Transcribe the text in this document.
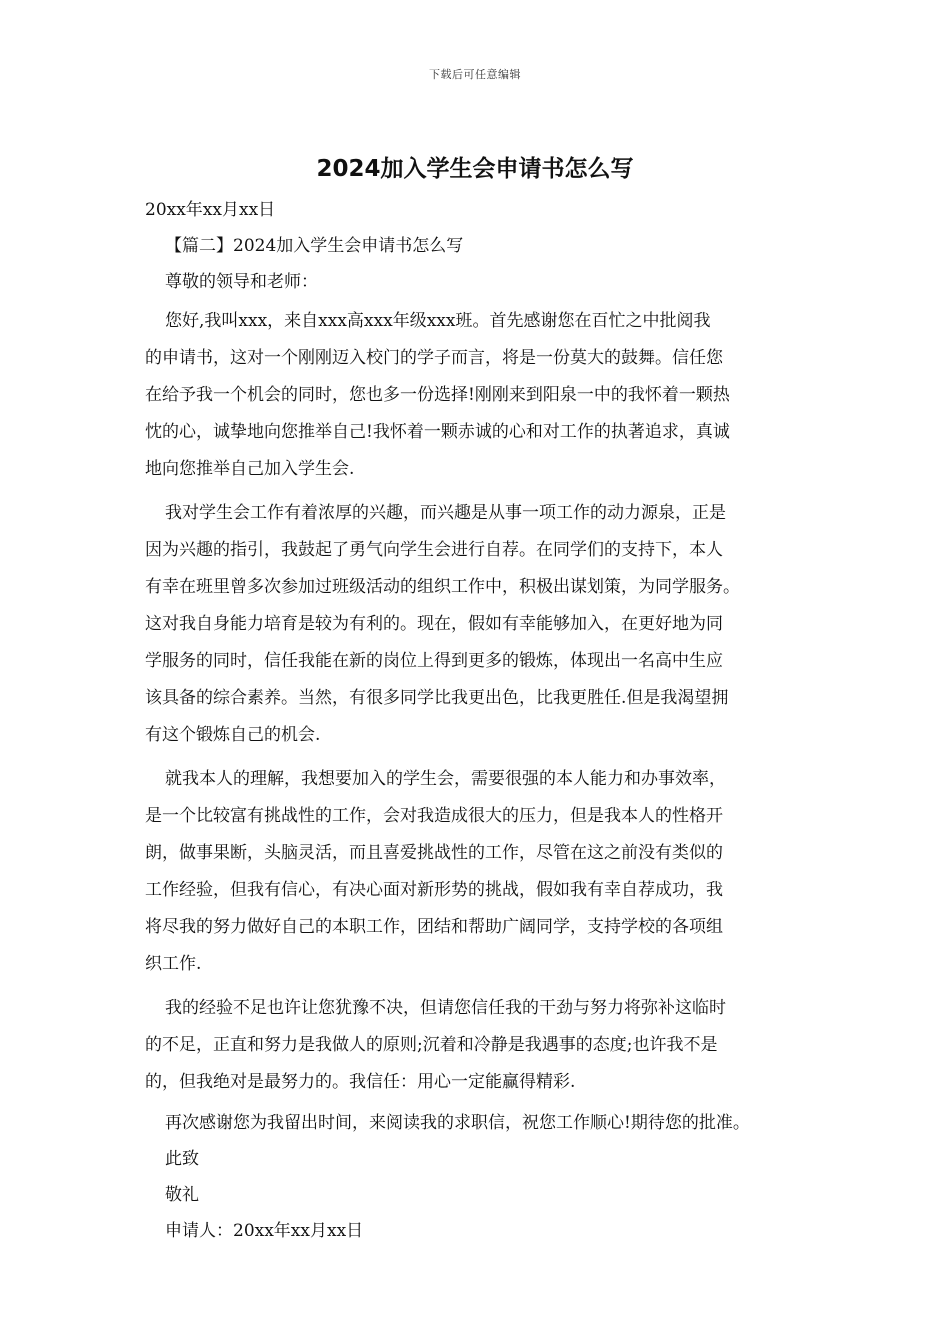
下载后可任意编辑
2024加入学生会申请书怎么写
20xx年xx月xx日
【篇二】2024加入学生会申请书怎么写
尊敬的领导和老师：
您好,我叫xxx，来自xxx高xxx年级xxx班。首先感谢您在百忙之中批阅我
的申请书，这对一个刚刚迈入校门的学子而言，将是一份莫大的鼓舞。信任您
在给予我一个机会的同时，您也多一份选择!刚刚来到阳泉一中的我怀着一颗热
忱的心，诚挚地向您推举自己!我怀着一颗赤诚的心和对工作的执著追求，真诚
地向您推举自己加入学生会.
我对学生会工作有着浓厚的兴趣，而兴趣是从事一项工作的动力源泉，正是
因为兴趣的指引，我鼓起了勇气向学生会进行自荐。在同学们的支持下，本人
有幸在班里曾多次参加过班级活动的组织工作中，积极出谋划策，为同学服务。
这对我自身能力培育是较为有利的。现在，假如有幸能够加入，在更好地为同
学服务的同时，信任我能在新的岗位上得到更多的锻炼，体现出一名高中生应
该具备的综合素养。当然，有很多同学比我更出色，比我更胜任.但是我渴望拥
有这个锻炼自己的机会.
就我本人的理解，我想要加入的学生会，需要很强的本人能力和办事效率，
是一个比较富有挑战性的工作，会对我造成很大的压力，但是我本人的性格开
朗，做事果断，头脑灵活，而且喜爱挑战性的工作，尽管在这之前没有类似的
工作经验，但我有信心，有决心面对新形势的挑战，假如我有幸自荐成功，我
将尽我的努力做好自己的本职工作，团结和帮助广阔同学，支持学校的各项组
织工作.
我的经验不足也许让您犹豫不决，但请您信任我的干劲与努力将弥补这临时
的不足，正直和努力是我做人的原则;沉着和冷静是我遇事的态度;也许我不是
的，但我绝对是最努力的。我信任：用心一定能赢得精彩.
再次感谢您为我留出时间，来阅读我的求职信，祝您工作顺心!期待您的批准。
此致
敬礼
申请人：20xx年xx月xx日
